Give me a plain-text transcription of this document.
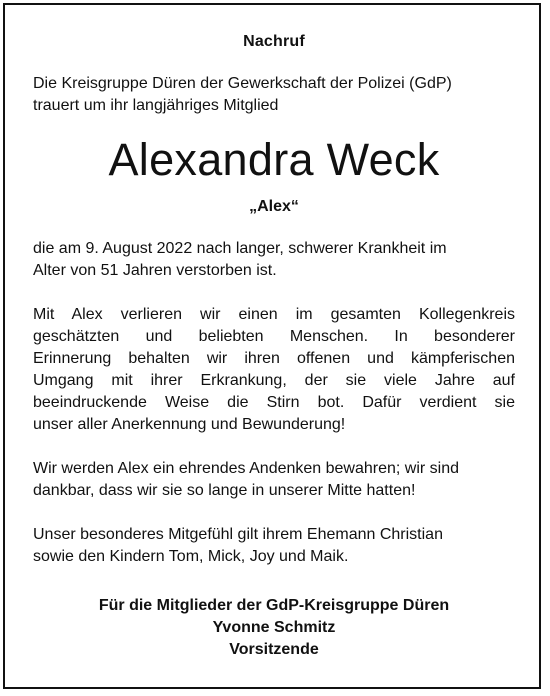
Nachruf
Die Kreisgruppe Düren der Gewerkschaft der Polizei (GdP)
trauert um ihr langjähriges Mitglied
Alexandra Weck
„Alex“
die am 9. August 2022 nach langer, schwerer Krankheit im
Alter von 51 Jahren verstorben ist.
Mit Alex verlieren wir einen im gesamten Kollegenkreis
geschätzten und beliebten Menschen. In besonderer
Erinnerung behalten wir ihren offenen und kämpferischen
Umgang mit ihrer Erkrankung, der sie viele Jahre auf
beeindruckende Weise die Stirn bot. Dafür verdient sie
unser aller Anerkennung und Bewunderung!
Wir werden Alex ein ehrendes Andenken bewahren; wir sind
dankbar, dass wir sie so lange in unserer Mitte hatten!
Unser besonderes Mitgefühl gilt ihrem Ehemann Christian
sowie den Kindern Tom, Mick, Joy und Maik.
Für die Mitglieder der GdP-Kreisgruppe Düren
Yvonne Schmitz
Vorsitzende
